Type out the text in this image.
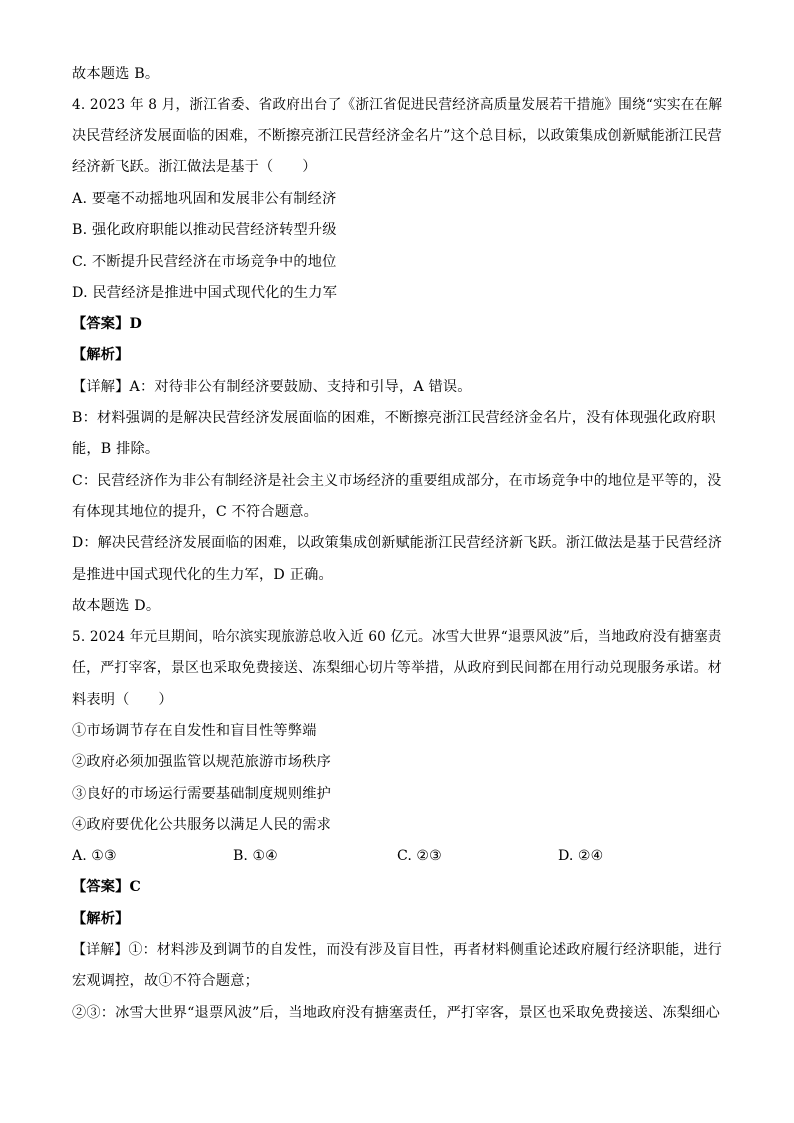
故本题选 B。
4. 2023 年 8 月，浙江省委、省政府出台了《浙江省促进民营经济高质量发展若干措施》围绕“实实在在解
决民营经济发展面临的困难，不断擦亮浙江民营经济金名片”这个总目标，以政策集成创新赋能浙江民营
经济新飞跃。浙江做法是基于（　　）
A. 要毫不动摇地巩固和发展非公有制经济
B. 强化政府职能以推动民营经济转型升级
C. 不断提升民营经济在市场竞争中的地位
D. 民营经济是推进中国式现代化的生力军
【答案】D
【解析】
【详解】A：对待非公有制经济要鼓励、支持和引导，A 错误。
B：材料强调的是解决民营经济发展面临的困难，不断擦亮浙江民营经济金名片，没有体现强化政府职
能，B 排除。
C：民营经济作为非公有制经济是社会主义市场经济的重要组成部分，在市场竞争中的地位是平等的，没
有体现其地位的提升，C 不符合题意。
D：解决民营经济发展面临的困难，以政策集成创新赋能浙江民营经济新飞跃。浙江做法是基于民营经济
是推进中国式现代化的生力军，D 正确。
故本题选 D。
5. 2024 年元旦期间，哈尔滨实现旅游总收入近 60 亿元。冰雪大世界“退票风波”后，当地政府没有搪塞责
任，严打宰客，景区也采取免费接送、冻梨细心切片等举措，从政府到民间都在用行动兑现服务承诺。材
料表明（　　）
①市场调节存在自发性和盲目性等弊端
②政府必须加强监管以规范旅游市场秩序
③良好的市场运行需要基础制度规则维护
④政府要优化公共服务以满足人民的需求
A. ①③	B. ①④	C. ②③	D. ②④
【答案】C
【解析】
【详解】①：材料涉及到调节的自发性，而没有涉及盲目性，再者材料侧重论述政府履行经济职能，进行
宏观调控，故①不符合题意；
②③：冰雪大世界“退票风波”后，当地政府没有搪塞责任，严打宰客，景区也采取免费接送、冻梨细心
